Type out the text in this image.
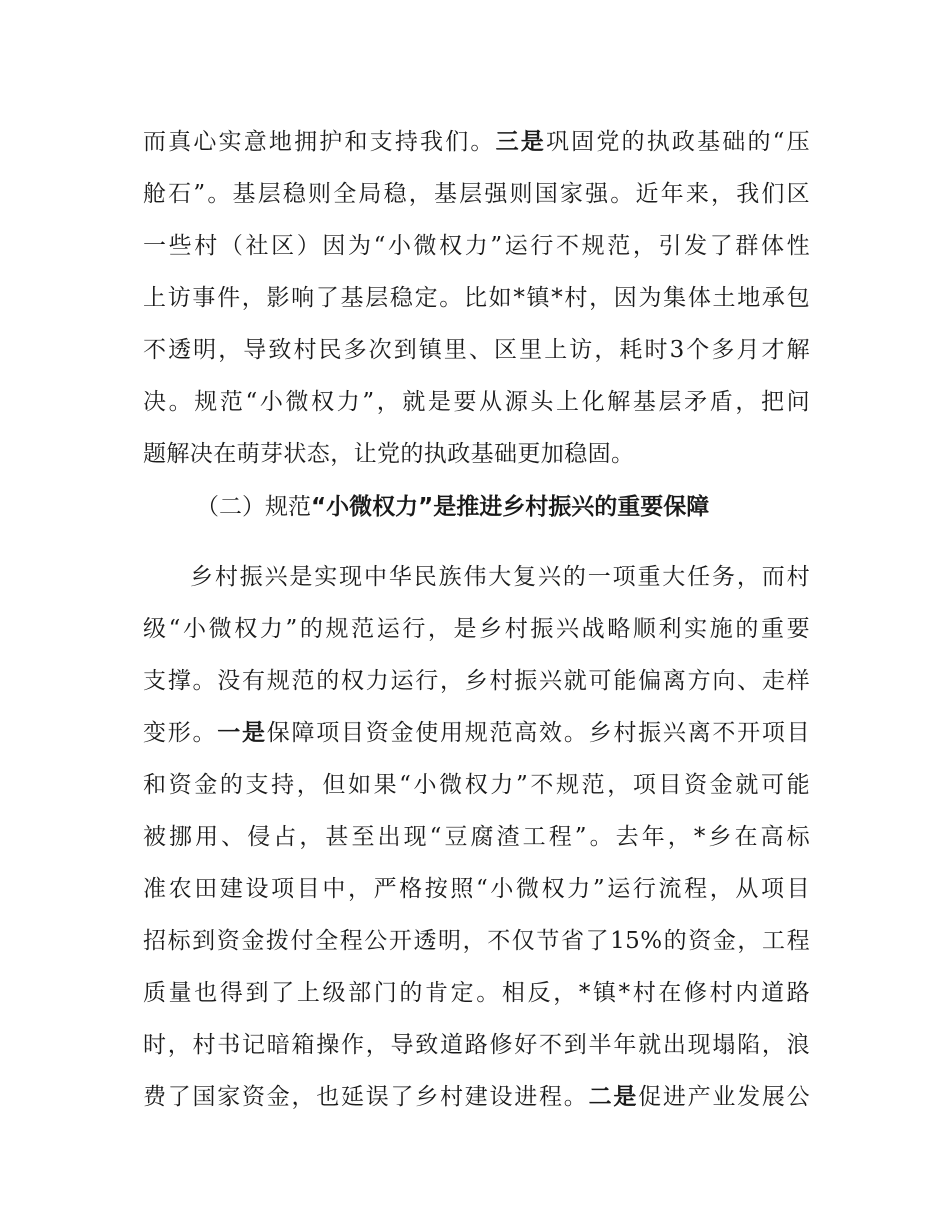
而真心实意地拥护和支持我们。三是巩固党的执政基础的“压
舱石”。基层稳则全局稳，基层强则国家强。近年来，我们区
一些村（社区）因为“小微权力”运行不规范，引发了群体性
上访事件，影响了基层稳定。比如*镇*村，因为集体土地承包
不透明，导致村民多次到镇里、区里上访，耗时3个多月才解
决。规范“小微权力”，就是要从源头上化解基层矛盾，把问
题解决在萌芽状态，让党的执政基础更加稳固。
（二）规范“小微权力”是推进乡村振兴的重要保障
乡村振兴是实现中华民族伟大复兴的一项重大任务，而村
级“小微权力”的规范运行，是乡村振兴战略顺利实施的重要
支撑。没有规范的权力运行，乡村振兴就可能偏离方向、走样
变形。一是保障项目资金使用规范高效。乡村振兴离不开项目
和资金的支持，但如果“小微权力”不规范，项目资金就可能
被挪用、侵占，甚至出现“豆腐渣工程”。去年，*乡在高标
准农田建设项目中，严格按照“小微权力”运行流程，从项目
招标到资金拨付全程公开透明，不仅节省了15%的资金，工程
质量也得到了上级部门的肯定。相反，*镇*村在修村内道路
时，村书记暗箱操作，导致道路修好不到半年就出现塌陷，浪
费了国家资金，也延误了乡村建设进程。二是促进产业发展公
